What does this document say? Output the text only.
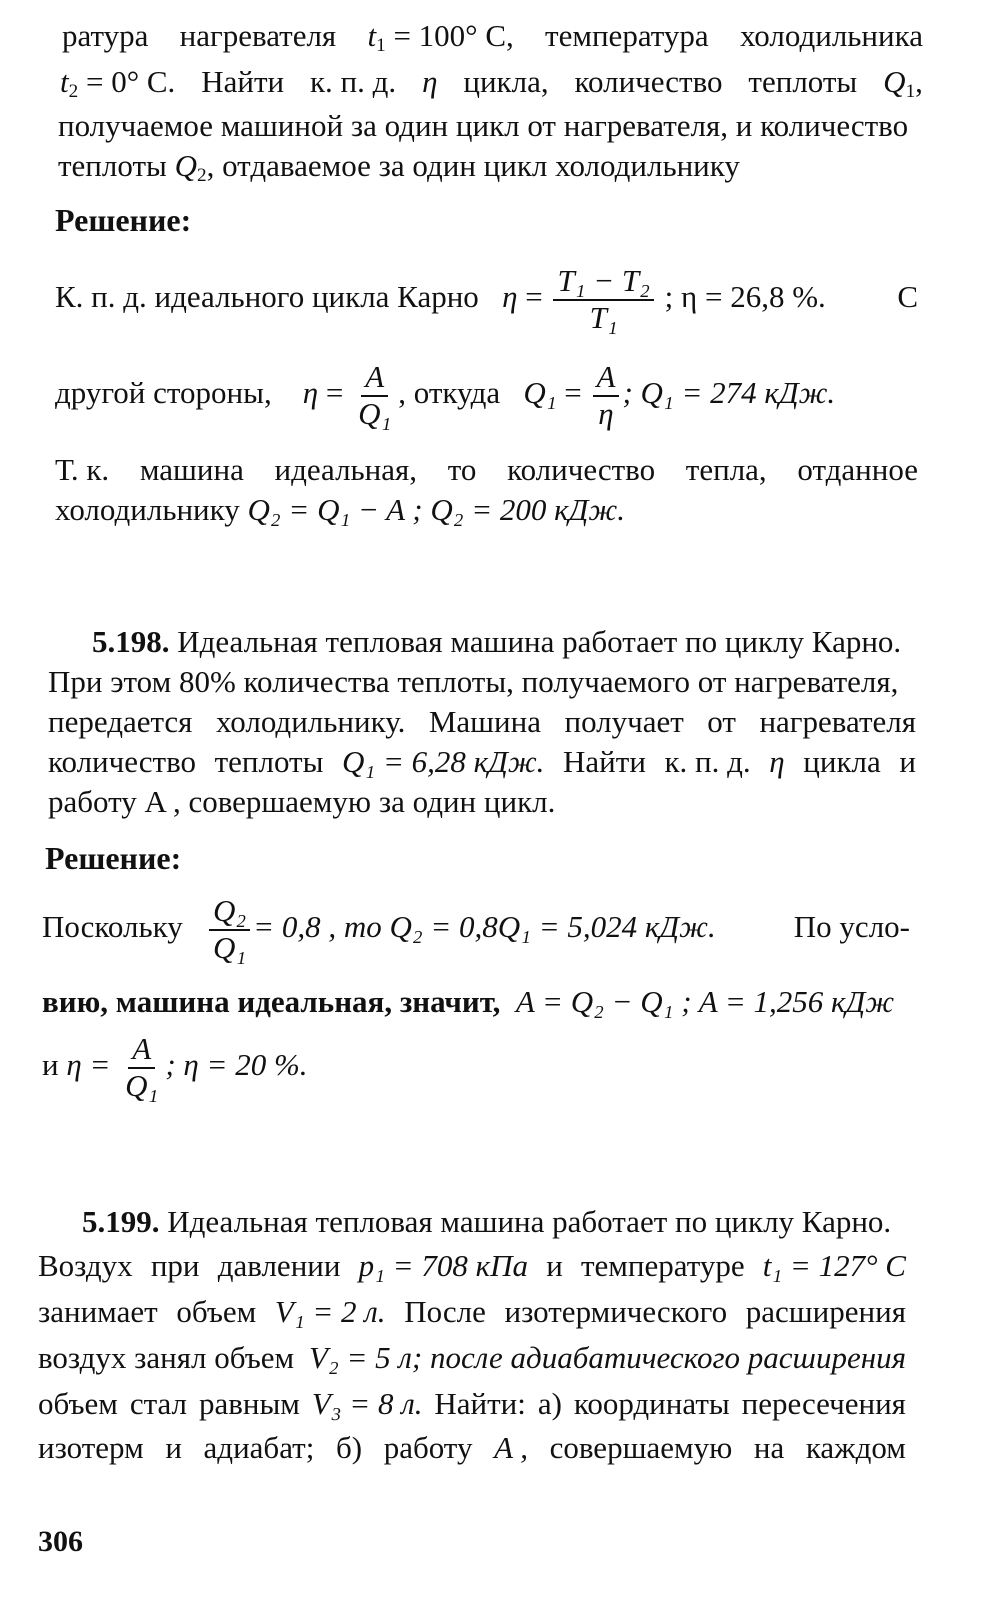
ратура нагревателя $t_1 = 100^\circ$ С, температура холодильника
$t_2 = 0^\circ$ С. Найти к. п. д. η цикла, количество теплоты $Q_1$,
получаемое машиной за один цикл от нагревателя, и количество
теплоты $Q_2$, отдаваемое за один цикл холодильнику
Решение:
К. п. д. идеального цикла Карно $\eta = \frac{\text{T₁ − T₂}}{\text{T₁}}$ ; η = 26,8 %. С
другой стороны, $\eta = \frac{A}{\text{Q₁}}$ , откуда $Q_1 = \frac{A}{\eta}$ ; Q₁ = 274 кДж.
Т. к. машина идеальная, то количество тепла, отданное
холодильнику Q₂ = Q₁ − A ; Q₂ = 200 кДж.
5.198. Идеальная тепловая машина работает по циклу Карно.
При этом 80% количества теплоты, получаемого от нагревателя,
передается холодильнику. Машина получает от нагревателя
количество теплоты Q₁ = 6,28 кДж. Найти к. п. д. η цикла и
работу A , совершаемую за один цикл.
Решение:
Поскольку $\frac{\text{Q₂}}{\text{Q₁}} = 0,8$ , то Q₂ = 0,8Q₁ = 5,024 кДж.	По усло-
вию, машина идеальная, значит, A = Q₂ − Q₁ ; A = 1,256 кДж
и $\eta = \frac{A}{\text{Q₁}}$ ; η = 20 %.
5.199. Идеальная тепловая машина работает по циклу Карно.
Воздух при давлении p₁ = 708 кПа и температуре t₁ = 127° С
занимает объем V₁ = 2 л. После изотермического расширения
воздух занял объем V₂ = 5 л; после адиабатического расширения
объем стал равным V₃ = 8 л. Найти: а) координаты пересечения
изотерм и адиабат; б) работу A , совершаемую на каждом
306
